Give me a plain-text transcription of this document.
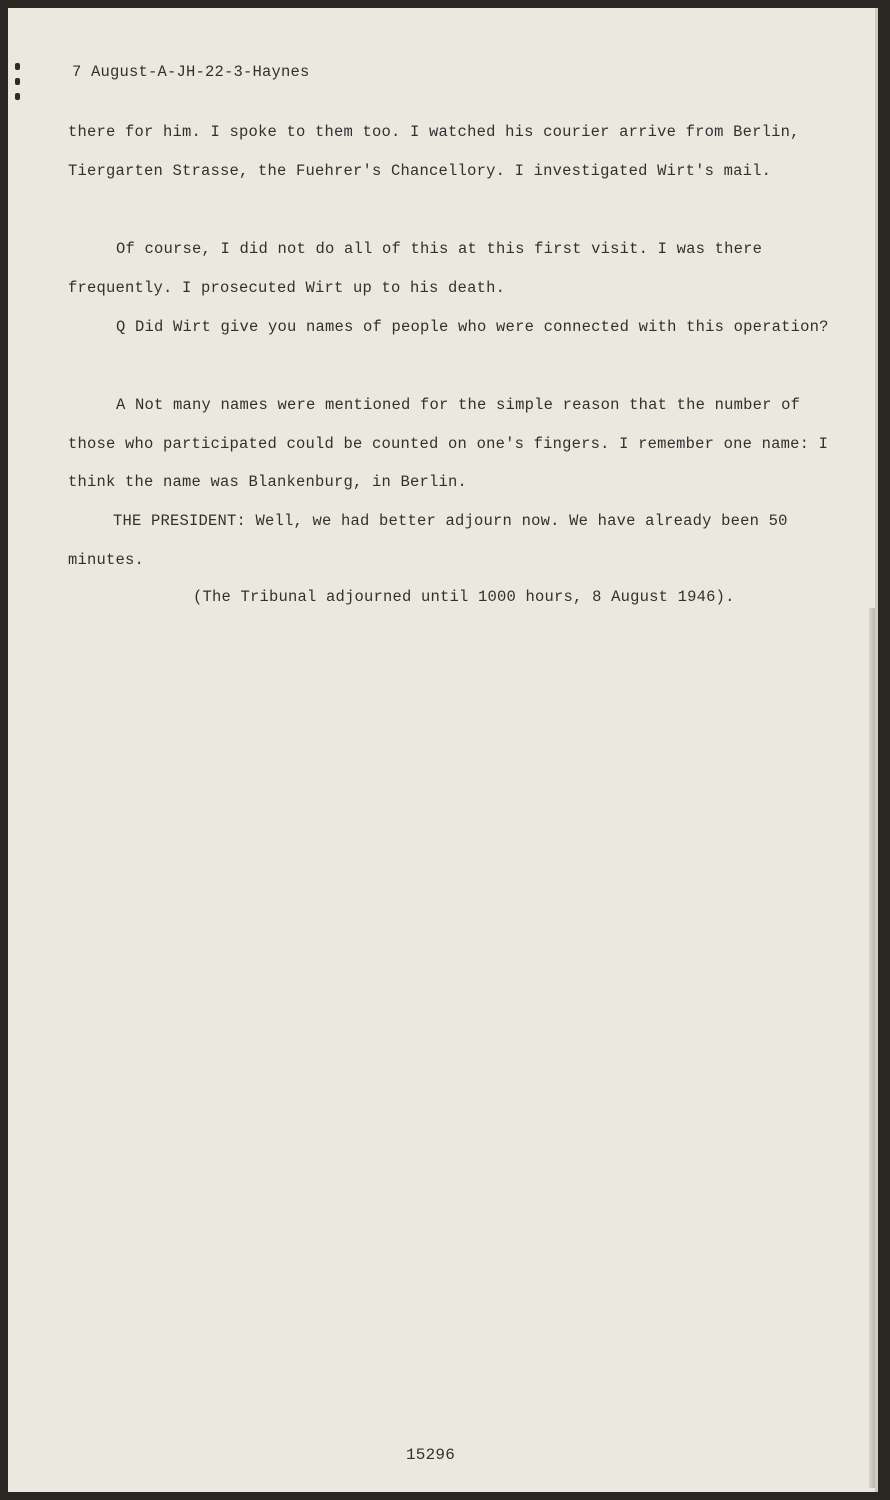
7 August-A-JH-22-3-Haynes

there for him. I spoke to them too. I watched his courier arrive from Berlin, Tiergarten Strasse, the Fuehrer's Chancellory. I investigated Wirt's mail.

Of course, I did not do all of this at this first visit. I was there frequently. I prosecuted Wirt up to his death.

Q Did Wirt give you names of people who were connected with this operation?

A Not many names were mentioned for the simple reason that the number of those who participated could be counted on one's fingers. I remember one name: I think the name was Blankenburg, in Berlin.

THE PRESIDENT: Well, we had better adjourn now. We have already been 50 minutes.

(The Tribunal adjourned until 1000 hours, 8 August 1946).
15296
